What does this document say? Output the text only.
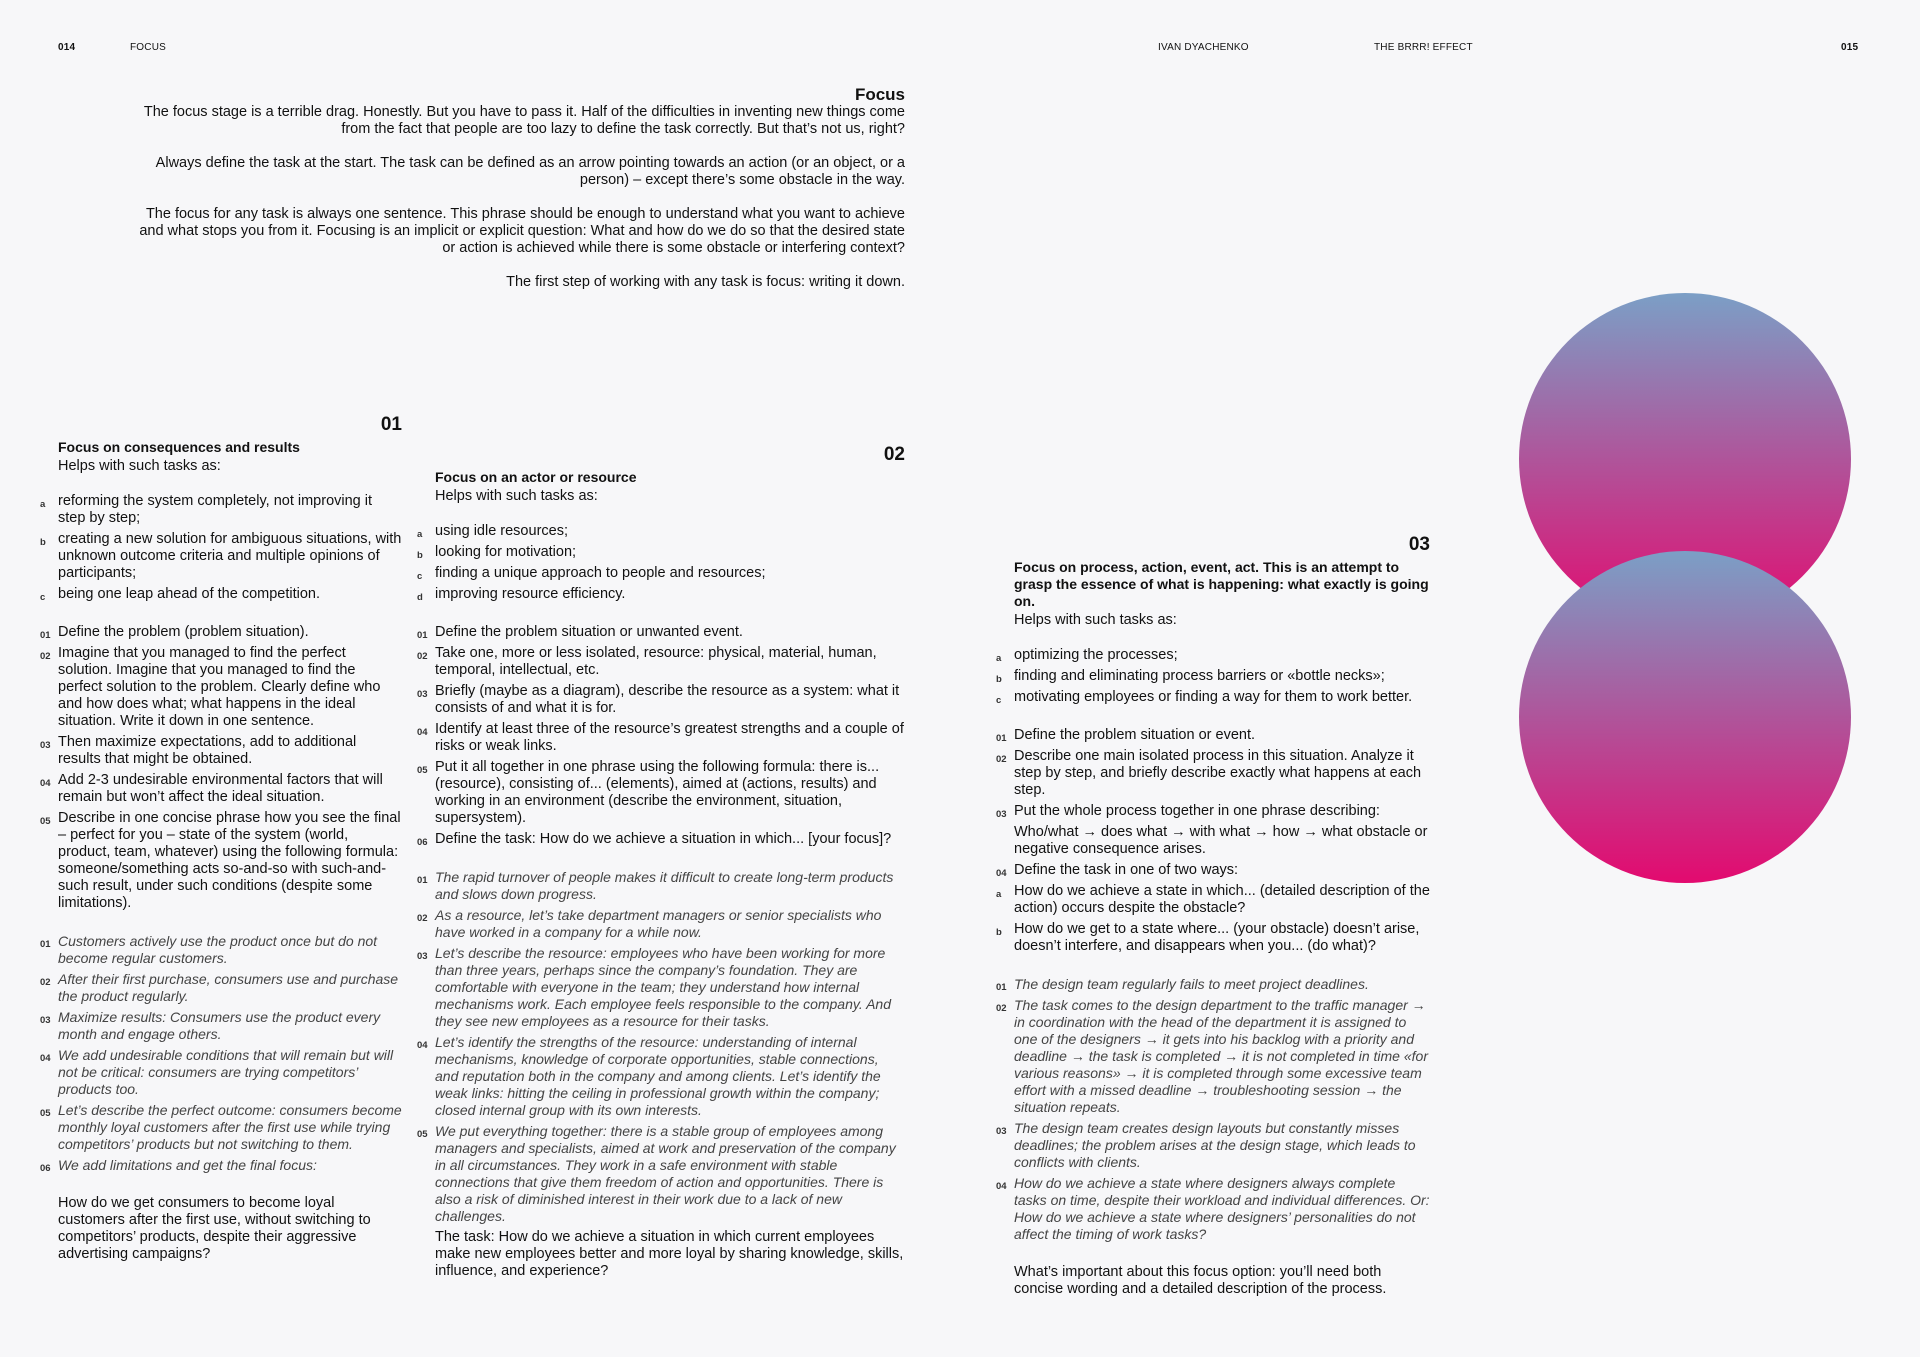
014	FOCUS	IVAN DYACHENKO	THE BRRR! EFFECT	015
Focus

The focus stage is a terrible drag. Honestly. But you have to pass it. Half of the difficulties in inventing new things come from the fact that people are too lazy to define the task correctly. But that’s not us, right?

Always define the task at the start. The task can be defined as an arrow pointing towards an action (or an object, or a person) – except there’s some obstacle in the way.

The focus for any task is always one sentence. This phrase should be enough to understand what you want to achieve and what stops you from it. Focusing is an implicit or explicit question: What and how do we do so that the desired state or action is achieved while there is some obstacle or interfering context?

The first step of working with any task is focus: writing it down.

01
Focus on consequences and results
Helps with such tasks as:
a reforming the system completely, not improving it step by step;
b creating a new solution for ambiguous situations, with unknown outcome criteria and multiple opinions of participants;
c being one leap ahead of the competition.
01 Define the problem (problem situation).
02 Imagine that you managed to find the perfect solution. Imagine that you managed to find the perfect solution to the problem. Clearly define who and how does what; what happens in the ideal situation. Write it down in one sentence.
03 Then maximize expectations, add to additional results that might be obtained.
04 Add 2-3 undesirable environmental factors that will remain but won’t affect the ideal situation.
05 Describe in one concise phrase how you see the final – perfect for you – state of the system (world, product, team, whatever) using the following formula: someone/something acts so-and-so with such-and-such result, under such conditions (despite some limitations).
01 Customers actively use the product once but do not become regular customers.
02 After their first purchase, consumers use and purchase the product regularly.
03 Maximize results: Consumers use the product every month and engage others.
04 We add undesirable conditions that will remain but will not be critical: consumers are trying competitors’ products too.
05 Let’s describe the perfect outcome: consumers become monthly loyal customers after the first use while trying competitors’ products but not switching to them.
06 We add limitations and get the final focus:

How do we get consumers to become loyal customers after the first use, without switching to competitors’ products, despite their aggressive advertising campaigns?

02
Focus on an actor or resource
Helps with such tasks as:
a using idle resources;
b looking for motivation;
c finding a unique approach to people and resources;
d improving resource efficiency.
01 Define the problem situation or unwanted event.
02 Take one, more or less isolated, resource: physical, material, human, temporal, intellectual, etc.
03 Briefly (maybe as a diagram), describe the resource as a system: what it consists of and what it is for.
04 Identify at least three of the resource’s greatest strengths and a couple of risks or weak links.
05 Put it all together in one phrase using the following formula: there is... (resource), consisting of... (elements), aimed at (actions, results) and working in an environment (describe the environment, situation, supersystem).
06 Define the task: How do we achieve a situation in which... [your focus]?
01 The rapid turnover of people makes it difficult to create long-term products and slows down progress.
02 As a resource, let’s take department managers or senior specialists who have worked in a company for a while now.
03 Let’s describe the resource: employees who have been working for more than three years, perhaps since the company’s foundation. They are comfortable with everyone in the team; they understand how internal mechanisms work. Each employee feels responsible to the company. And they see new employees as a resource for their tasks.
04 Let’s identify the strengths of the resource: understanding of internal mechanisms, knowledge of corporate opportunities, stable connections, and reputation both in the company and among clients. Let’s identify the weak links: hitting the ceiling in professional growth within the company; closed internal group with its own interests.
05 We put everything together: there is a stable group of employees among managers and specialists, aimed at work and preservation of the company in all circumstances. They work in a safe environment with stable connections that give them freedom of action and opportunities. There is also a risk of diminished interest in their work due to a lack of new challenges.

The task: How do we achieve a situation in which current employees make new employees better and more loyal by sharing knowledge, skills, influence, and experience?

03
Focus on process, action, event, act. This is an attempt to grasp the essence of what is happening: what exactly is going on.
Helps with such tasks as:
a optimizing the processes;
b finding and eliminating process barriers or «bottle necks»;
c motivating employees or finding a way for them to work better.
01 Define the problem situation or event.
02 Describe one main isolated process in this situation. Analyze it step by step, and briefly describe exactly what happens at each step.
03 Put the whole process together in one phrase describing:
Who/what → does what → with what → how → what obstacle or negative consequence arises.
04 Define the task in one of two ways:
a How do we achieve a state in which... (detailed description of the action) occurs despite the obstacle?
b How do we get to a state where... (your obstacle) doesn’t arise, doesn’t interfere, and disappears when you... (do what)?
01 The design team regularly fails to meet project deadlines.
02 The task comes to the design department to the traffic manager → in coordination with the head of the department it is assigned to one of the designers → it gets into his backlog with a priority and deadline → the task is completed → it is not completed in time «for various reasons» → it is completed through some excessive team effort with a missed deadline → troubleshooting session → the situation repeats.
03 The design team creates design layouts but constantly misses deadlines; the problem arises at the design stage, which leads to conflicts with clients.
04 How do we achieve a state where designers always complete tasks on time, despite their workload and individual differences. Or: How do we achieve a state where designers’ personalities do not affect the timing of work tasks?

What’s important about this focus option: you’ll need both concise wording and a detailed description of the process.
